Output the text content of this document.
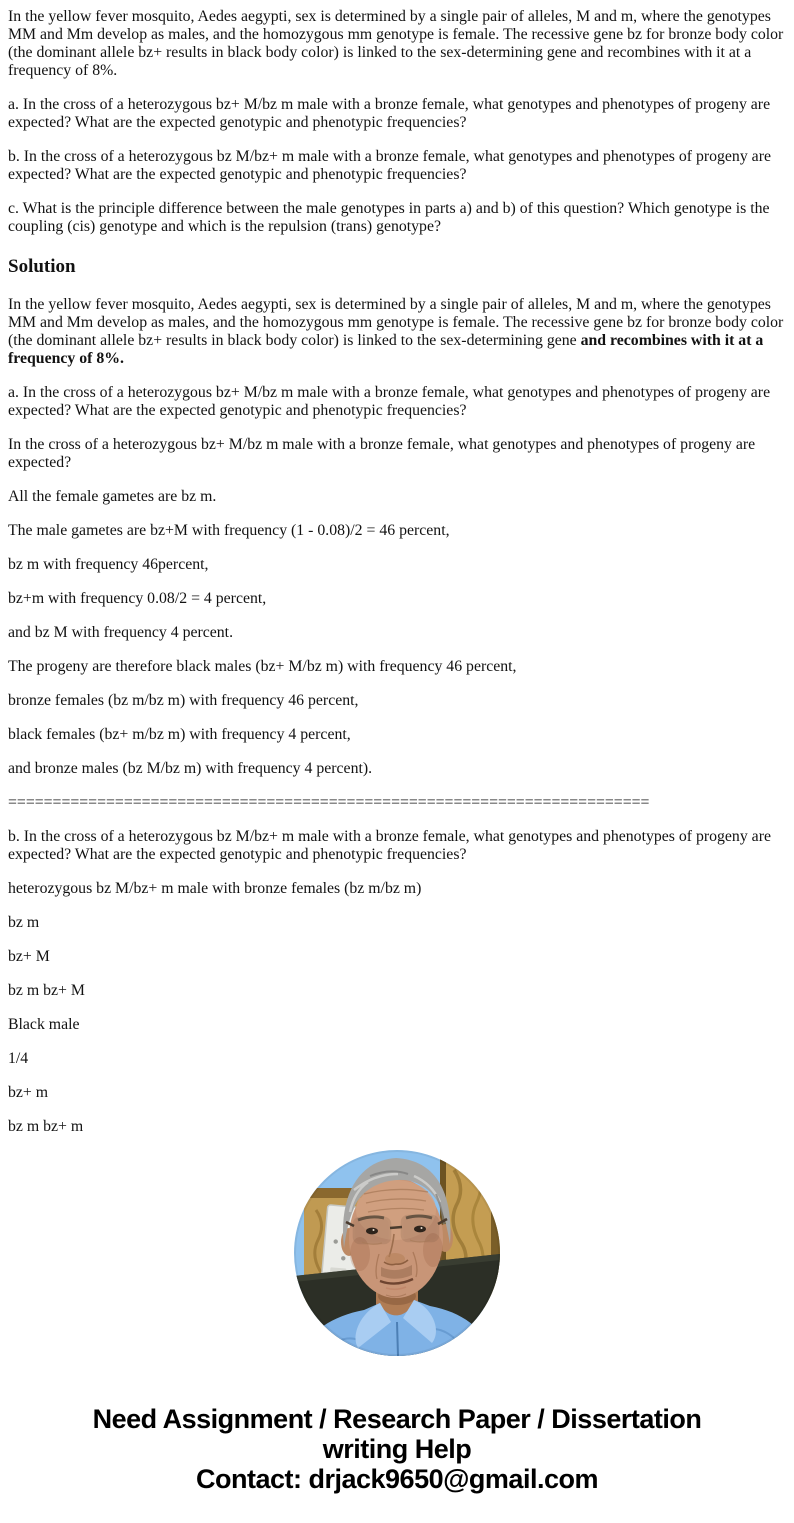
In the yellow fever mosquito, Aedes aegypti, sex is determined by a single pair of alleles, M and m, where the genotypes MM and Mm develop as males, and the homozygous mm genotype is female. The recessive gene bz for bronze body color (the dominant allele bz+ results in black body color) is linked to the sex-determining gene and recombines with it at a frequency of 8%.

a. In the cross of a heterozygous bz+ M/bz m male with a bronze female, what genotypes and phenotypes of progeny are expected? What are the expected genotypic and phenotypic frequencies?

b. In the cross of a heterozygous bz M/bz+ m male with a bronze female, what genotypes and phenotypes of progeny are expected? What are the expected genotypic and phenotypic frequencies?

c. What is the principle difference between the male genotypes in parts a) and b) of this question? Which genotype is the coupling (cis) genotype and which is the repulsion (trans) genotype?

Solution

In the yellow fever mosquito, Aedes aegypti, sex is determined by a single pair of alleles, M and m, where the genotypes MM and Mm develop as males, and the homozygous mm genotype is female. The recessive gene bz for bronze body color (the dominant allele bz+ results in black body color) is linked to the sex-determining gene and recombines with it at a frequency of 8%.

a. In the cross of a heterozygous bz+ M/bz m male with a bronze female, what genotypes and phenotypes of progeny are expected? What are the expected genotypic and phenotypic frequencies?

In the cross of a heterozygous bz+ M/bz m male with a bronze female, what genotypes and phenotypes of progeny are expected?

All the female gametes are bz m.

The male gametes are bz+M with frequency (1 - 0.08)/2 = 46 percent,

bz m with frequency 46percent,

bz+m with frequency 0.08/2 = 4 percent,

and bz M with frequency 4 percent.

The progeny are therefore black males (bz+ M/bz m) with frequency 46 percent,

bronze females (bz m/bz m) with frequency 46 percent,

black females (bz+ m/bz m) with frequency 4 percent,

and bronze males (bz M/bz m) with frequency 4 percent).

========================================================================

b. In the cross of a heterozygous bz M/bz+ m male with a bronze female, what genotypes and phenotypes of progeny are expected? What are the expected genotypic and phenotypic frequencies?

heterozygous bz M/bz+ m male with bronze females (bz m/bz m)

bz m

bz+ M

bz m bz+ M

Black male

1/4

bz+ m

bz m bz+ m

Need Assignment / Research Paper / Dissertation
writing Help
Contact: drjack9650@gmail.com
